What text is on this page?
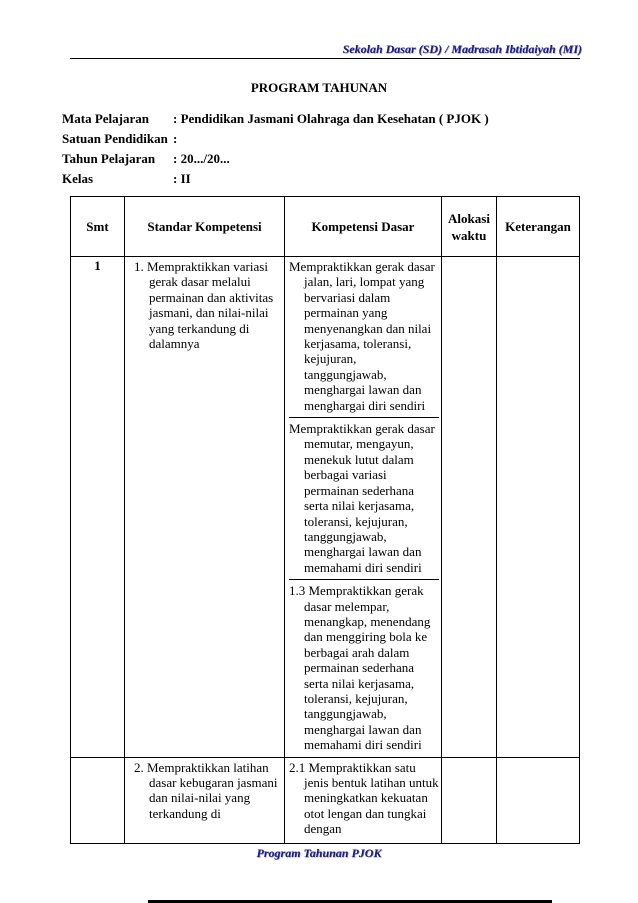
Sekolah Dasar (SD) / Madrasah Ibtidaiyah (MI)
PROGRAM TAHUNAN
Mata Pelajaran : Pendidikan Jasmani Olahraga dan Kesehatan ( PJOK )
Satuan Pendidikan :
Tahun Pelajaran : 20.../20...
Kelas	: II
Smt	Standar Kompetensi	Kompetensi Dasar	Alokasi waktu	Keterangan
1	1. Mempraktikkan variasi gerak dasar melalui permainan dan aktivitas jasmani, dan nilai-nilai yang terkandung di dalamnya	Mempraktikkan gerak dasar jalan, lari, lompat yang bervariasi dalam permainan yang menyenangkan dan nilai kerjasama, toleransi, kejujuran, tanggungjawab, menghargai lawan dan menghargai diri sendiri
Mempraktikkan gerak dasar memutar, mengayun, menekuk lutut dalam berbagai variasi permainan sederhana serta nilai kerjasama, toleransi, kejujuran, tanggungjawab, menghargai lawan dan memahami diri sendiri
1.3 Mempraktikkan gerak dasar melempar, menangkap, menendang dan menggiring bola ke berbagai arah dalam permainan sederhana serta nilai kerjasama, toleransi, kejujuran, tanggungjawab, menghargai lawan dan memahami diri sendiri		

	2. Mempraktikkan latihan dasar kebugaran jasmani dan nilai-nilai yang terkandung di	2.1 Mempraktikkan satu jenis bentuk latihan untuk meningkatkan kekuatan otot lengan dan tungkai dengan		

Program Tahunan PJOK
